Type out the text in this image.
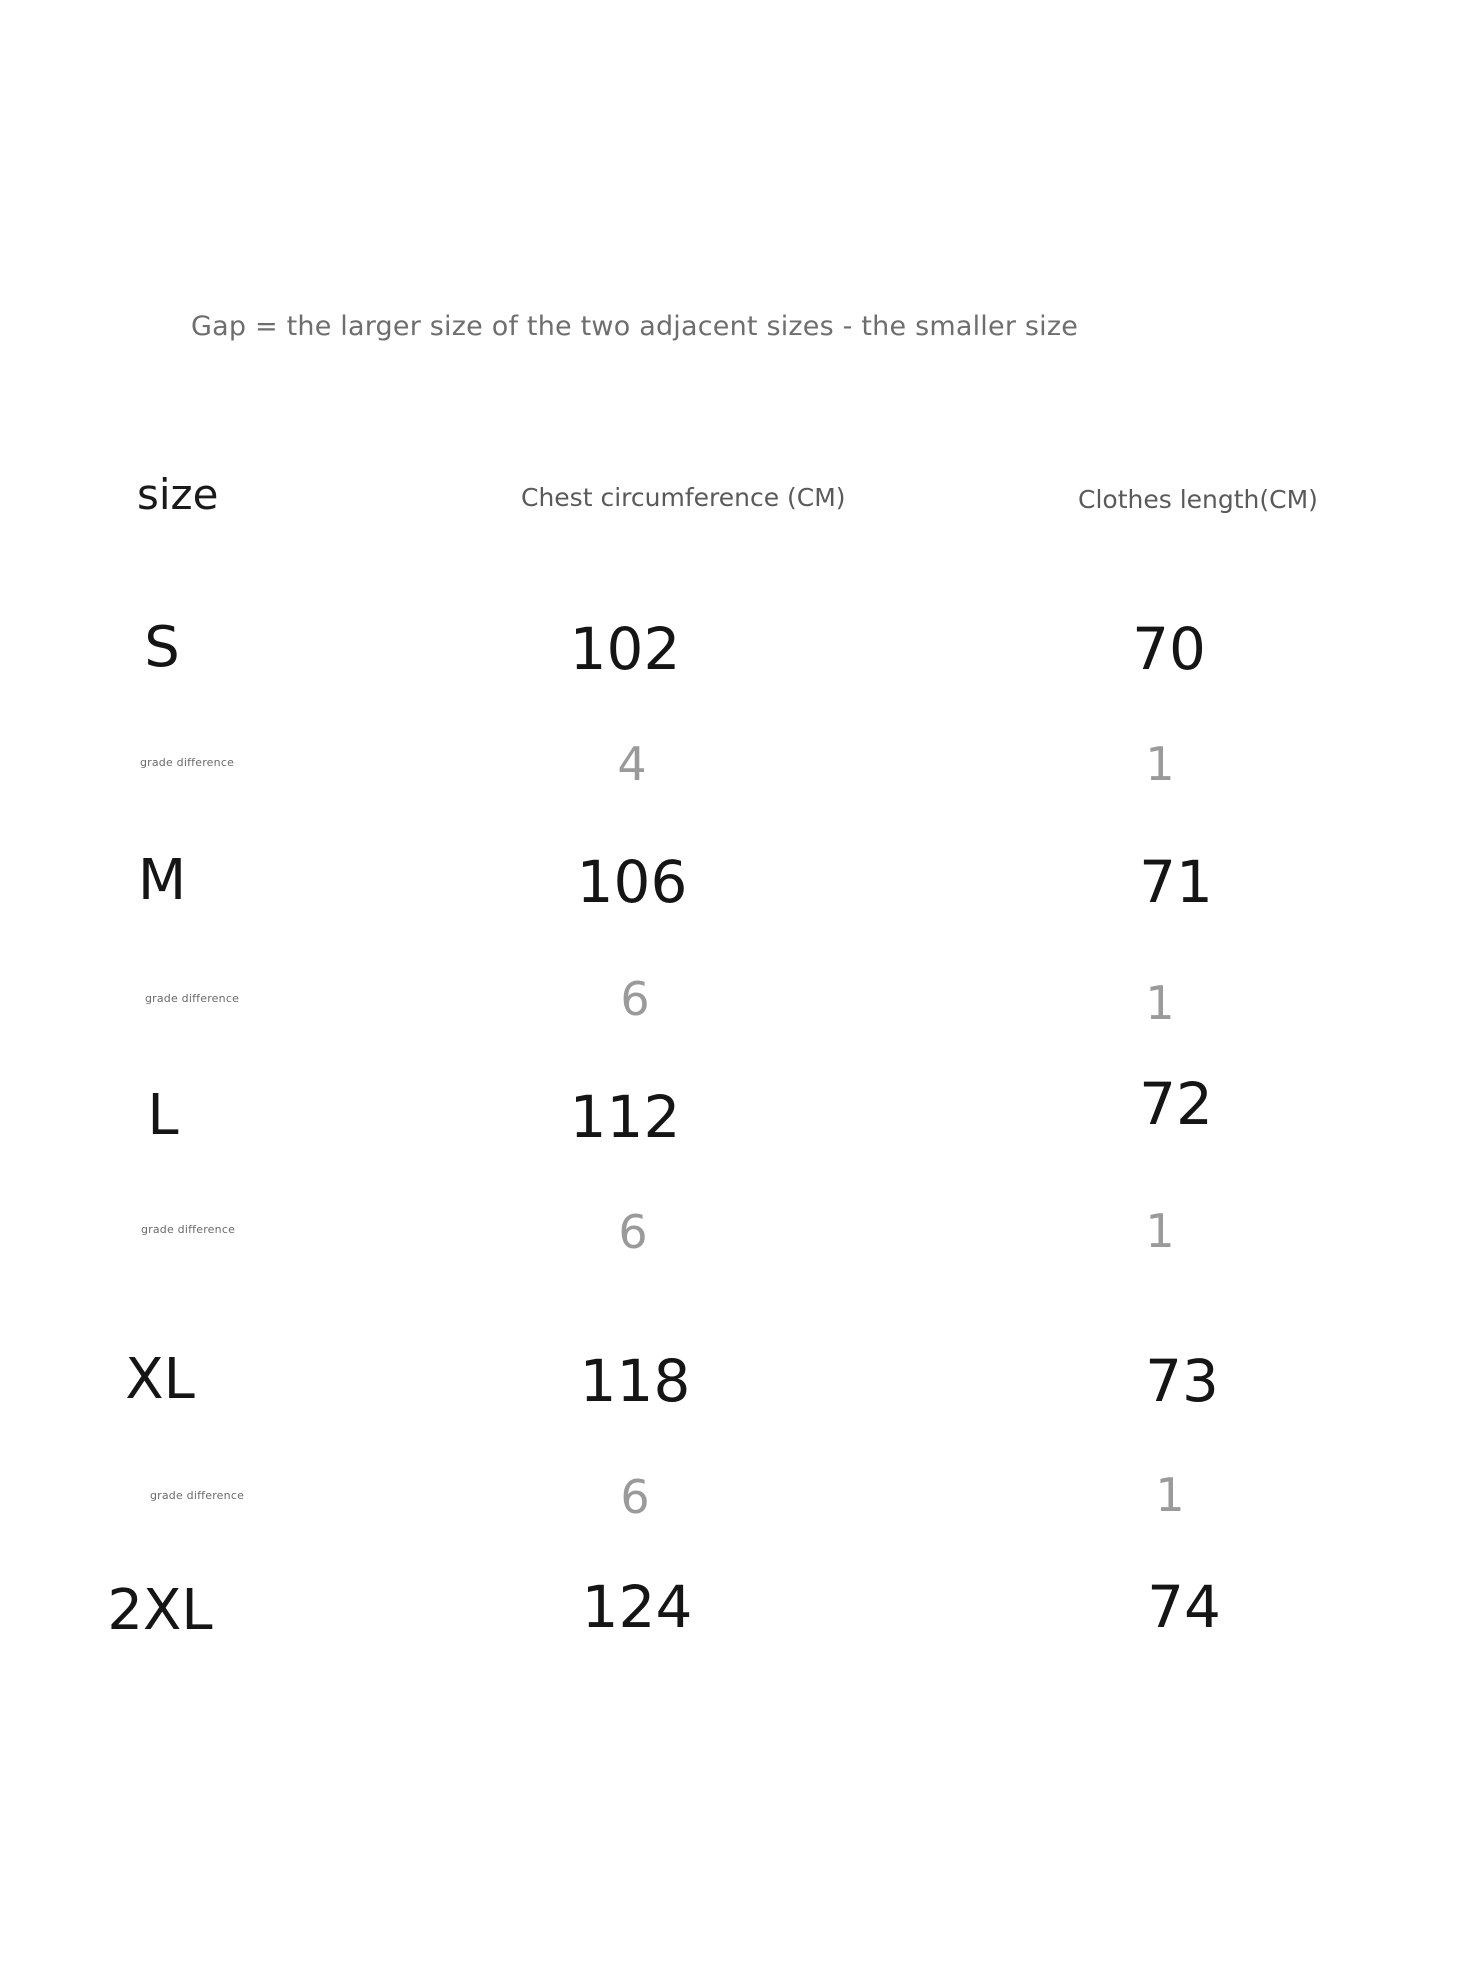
Gap = the larger size of the two adjacent sizes - the smaller size
size	Chest circumference (CM)	Clothes length(CM)
S	102	70
grade difference	4	1
M	106	71
grade difference	6	1
L	112	72
grade difference	6	1
XL	118	73
grade difference	6	1
2XL	124	74
